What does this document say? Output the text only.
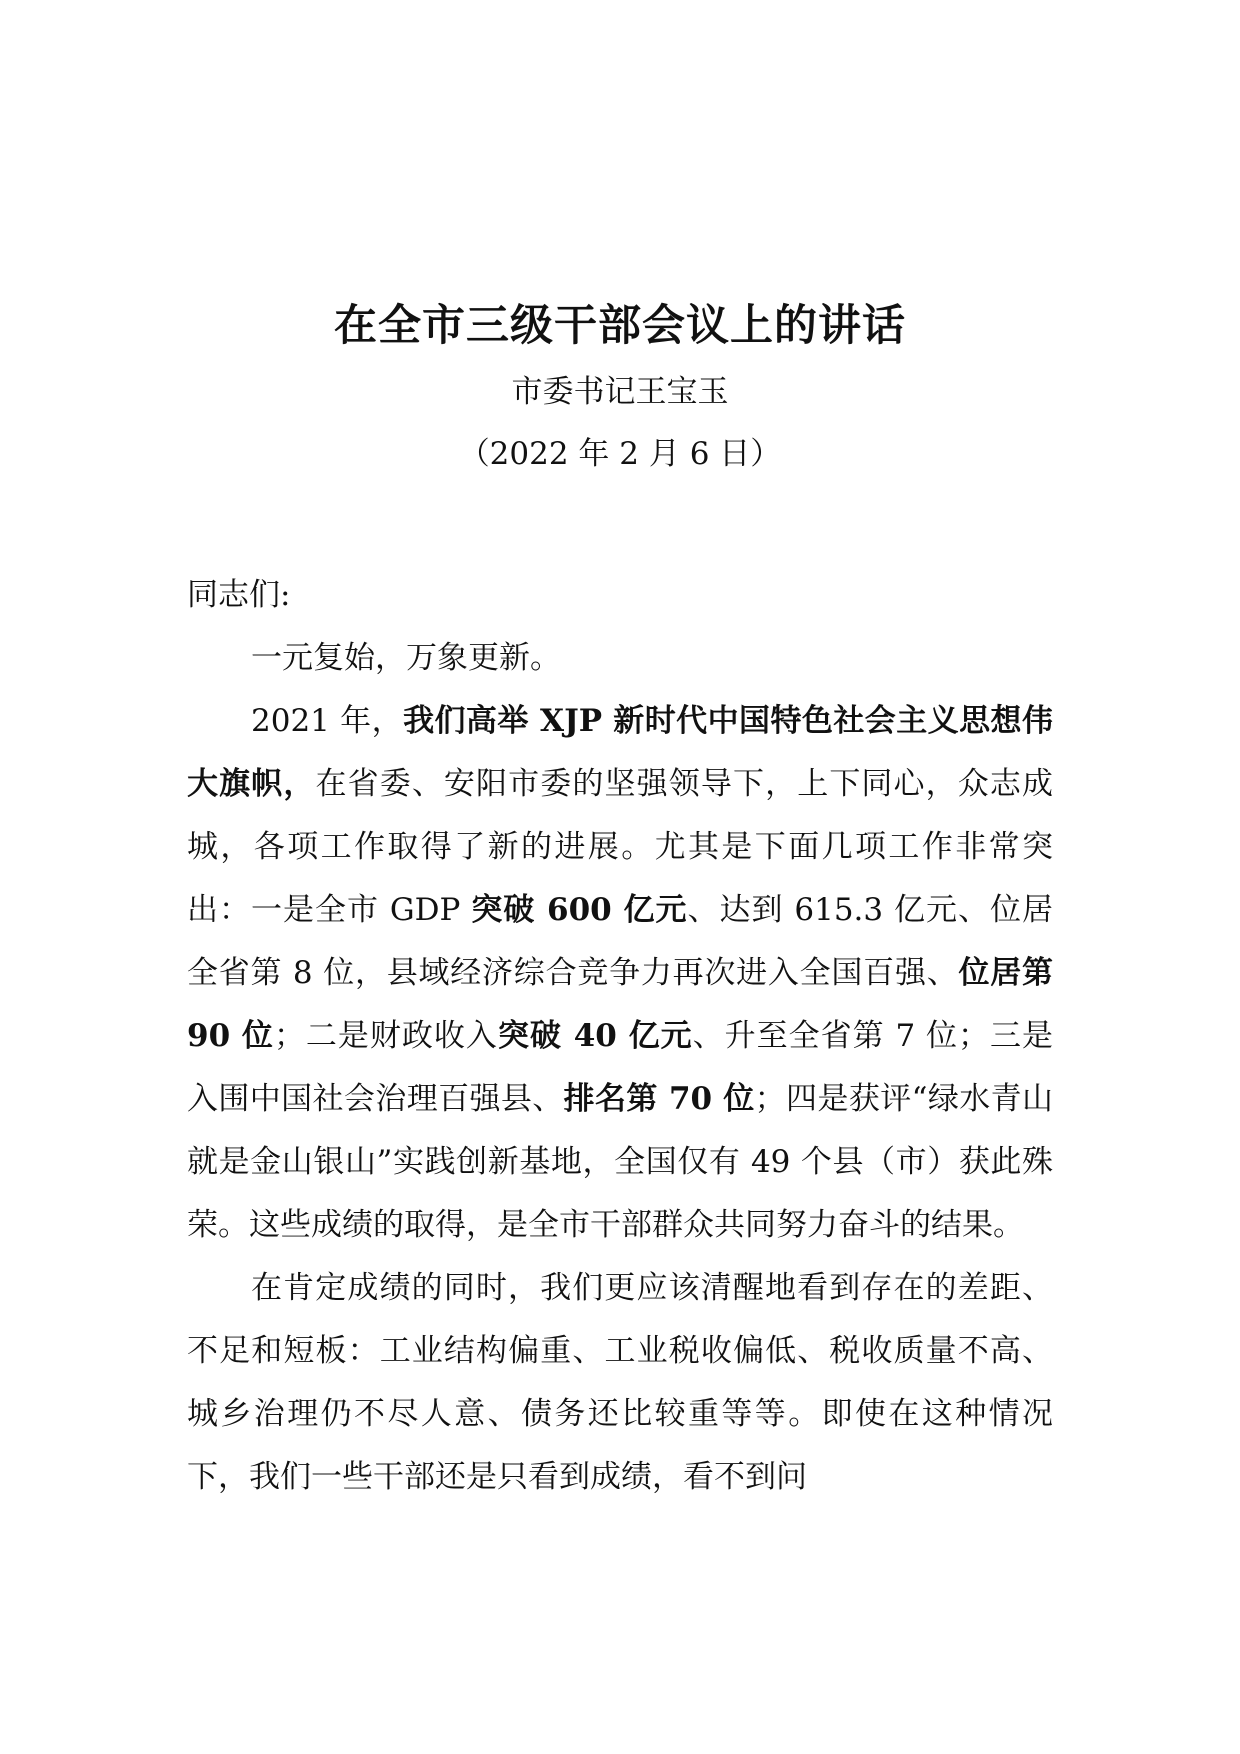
在全市三级干部会议上的讲话
市委书记王宝玉
（2022 年 2 月 6 日）

同志们:

一元复始，万象更新。

2021 年，我们高举 XJP 新时代中国特色社会主义思想伟大旗帜，在省委、安阳市委的坚强领导下，上下同心，众志成城，各项工作取得了新的进展。尤其是下面几项工作非常突出：一是全市 GDP 突破 600 亿元、达到 615.3 亿元、位居全省第 8 位，县域经济综合竞争力再次进入全国百强、位居第 90 位；二是财政收入突破 40 亿元、升至全省第 7 位；三是入围中国社会治理百强县、排名第 70 位；四是获评“绿水青山就是金山银山”实践创新基地，全国仅有 49 个县（市）获此殊荣。这些成绩的取得，是全市干部群众共同努力奋斗的结果。

在肯定成绩的同时，我们更应该清醒地看到存在的差距、不足和短板：工业结构偏重、工业税收偏低、税收质量不高、城乡治理仍不尽人意、债务还比较重等等。即使在这种情况下，我们一些干部还是只看到成绩，看不到问
